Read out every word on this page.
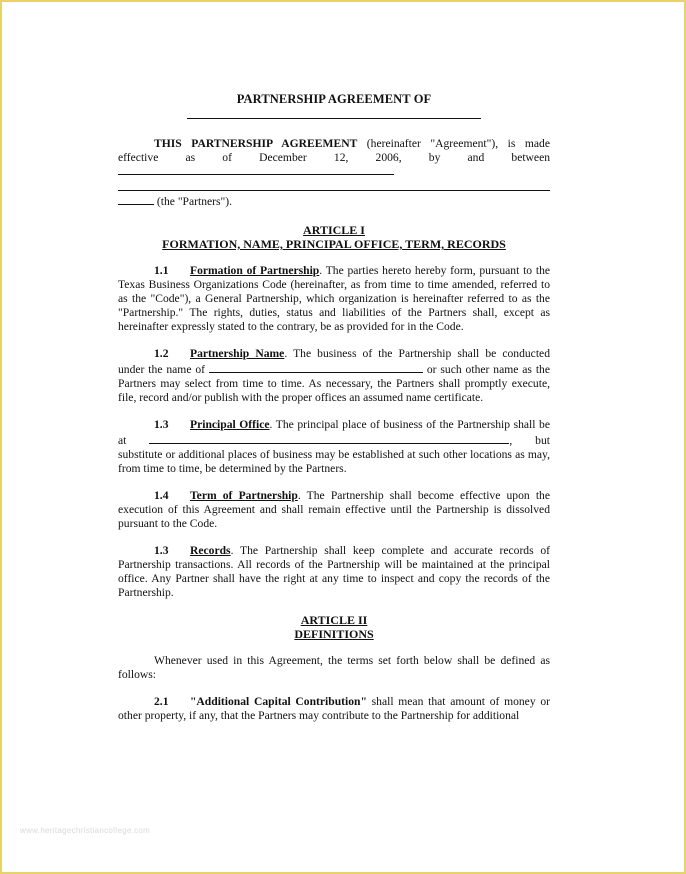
PARTNERSHIP AGREEMENT OF

THIS PARTNERSHIP AGREEMENT (hereinafter "Agreement"), is made

effective as of December 12, 2006, by and between

(the "Partners").

ARTICLE I

FORMATION, NAME, PRINCIPAL OFFICE, TERM, RECORDS

1.1 Formation of Partnership. The parties hereto hereby form, pursuant to the Texas Business Organizations Code (hereinafter, as from time to time amended, referred to as the "Code"), a General Partnership, which organization is hereinafter referred to as the "Partnership." The rights, duties, status and liabilities of the Partners shall, except as hereinafter expressly stated to the contrary, be as provided for in the Code.

1.2 Partnership Name. The business of the Partnership shall be conducted under the name of	or such other name as the Partners may select from time to time. As necessary, the Partners shall promptly execute, file, record and/or publish with the proper offices an assumed name certificate.

1.3 Principal Office. The principal place of business of the Partnership shall be at	, but substitute or additional places of business may be established at such other locations as may, from time to time, be determined by the Partners.

1.4 Term of Partnership. The Partnership shall become effective upon the execution of this Agreement and shall remain effective until the Partnership is dissolved pursuant to the Code.

1.3 Records. The Partnership shall keep complete and accurate records of Partnership transactions. All records of the Partnership will be maintained at the principal office. Any Partner shall have the right at any time to inspect and copy the records of the Partnership.

ARTICLE II

DEFINITIONS

Whenever used in this Agreement, the terms set forth below shall be defined as follows:

2.1 "Additional Capital Contribution" shall mean that amount of money or other property, if any, that the Partners may contribute to the Partnership for additional

www.heritagechristiancollege.com
